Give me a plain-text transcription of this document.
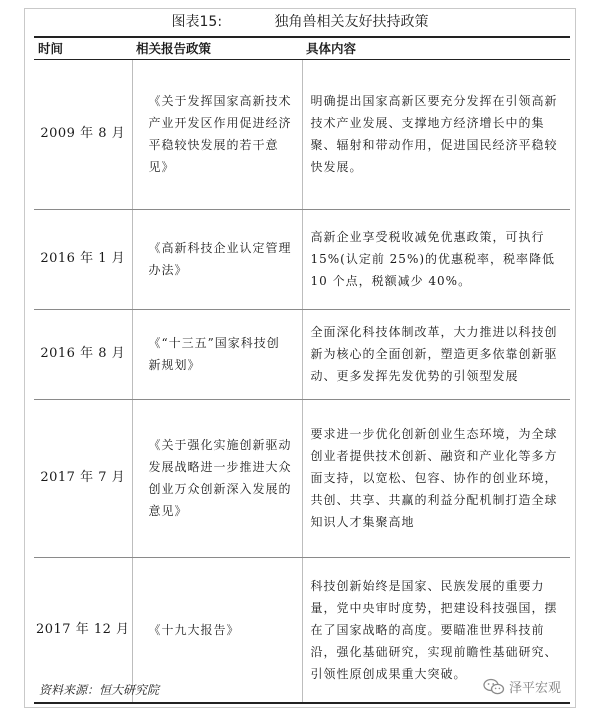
图表15:	独角兽相关友好扶持政策
时间	相关报告政策	具体内容
2009 年 8 月	《关于发挥国家高新技术产业开发区作用促进经济平稳较快发展的若干意见》	明确提出国家高新区要充分发挥在引领高新技术产业发展、支撑地方经济增长中的集聚、辐射和带动作用，促进国民经济平稳较快发展。
2016 年 1 月	《高新科技企业认定管理办法》	高新企业享受税收减免优惠政策，可执行 15%(认定前 25%)的优惠税率，税率降低 10 个点，税额减少 40%。
2016 年 8 月	《“十三五”国家科技创新规划》	全面深化科技体制改革，大力推进以科技创新为核心的全面创新，塑造更多依靠创新驱动、更多发挥先发优势的引领型发展
2017 年 7 月	《关于强化实施创新驱动发展战略进一步推进大众创业万众创新深入发展的意见》	要求进一步优化创新创业生态环境，为全球创业者提供技术创新、融资和产业化等多方面支持，以宽松、包容、协作的创业环境，共创、共享、共赢的利益分配机制打造全球知识人才集聚高地
2017 年 12 月	《十九大报告》	科技创新始终是国家、民族发展的重要力量，党中央审时度势，把建设科技强国，摆在了国家战略的高度。要瞄准世界科技前沿，强化基础研究，实现前瞻性基础研究、引领性原创成果重大突破。
资料来源：恒大研究院	泽平宏观
